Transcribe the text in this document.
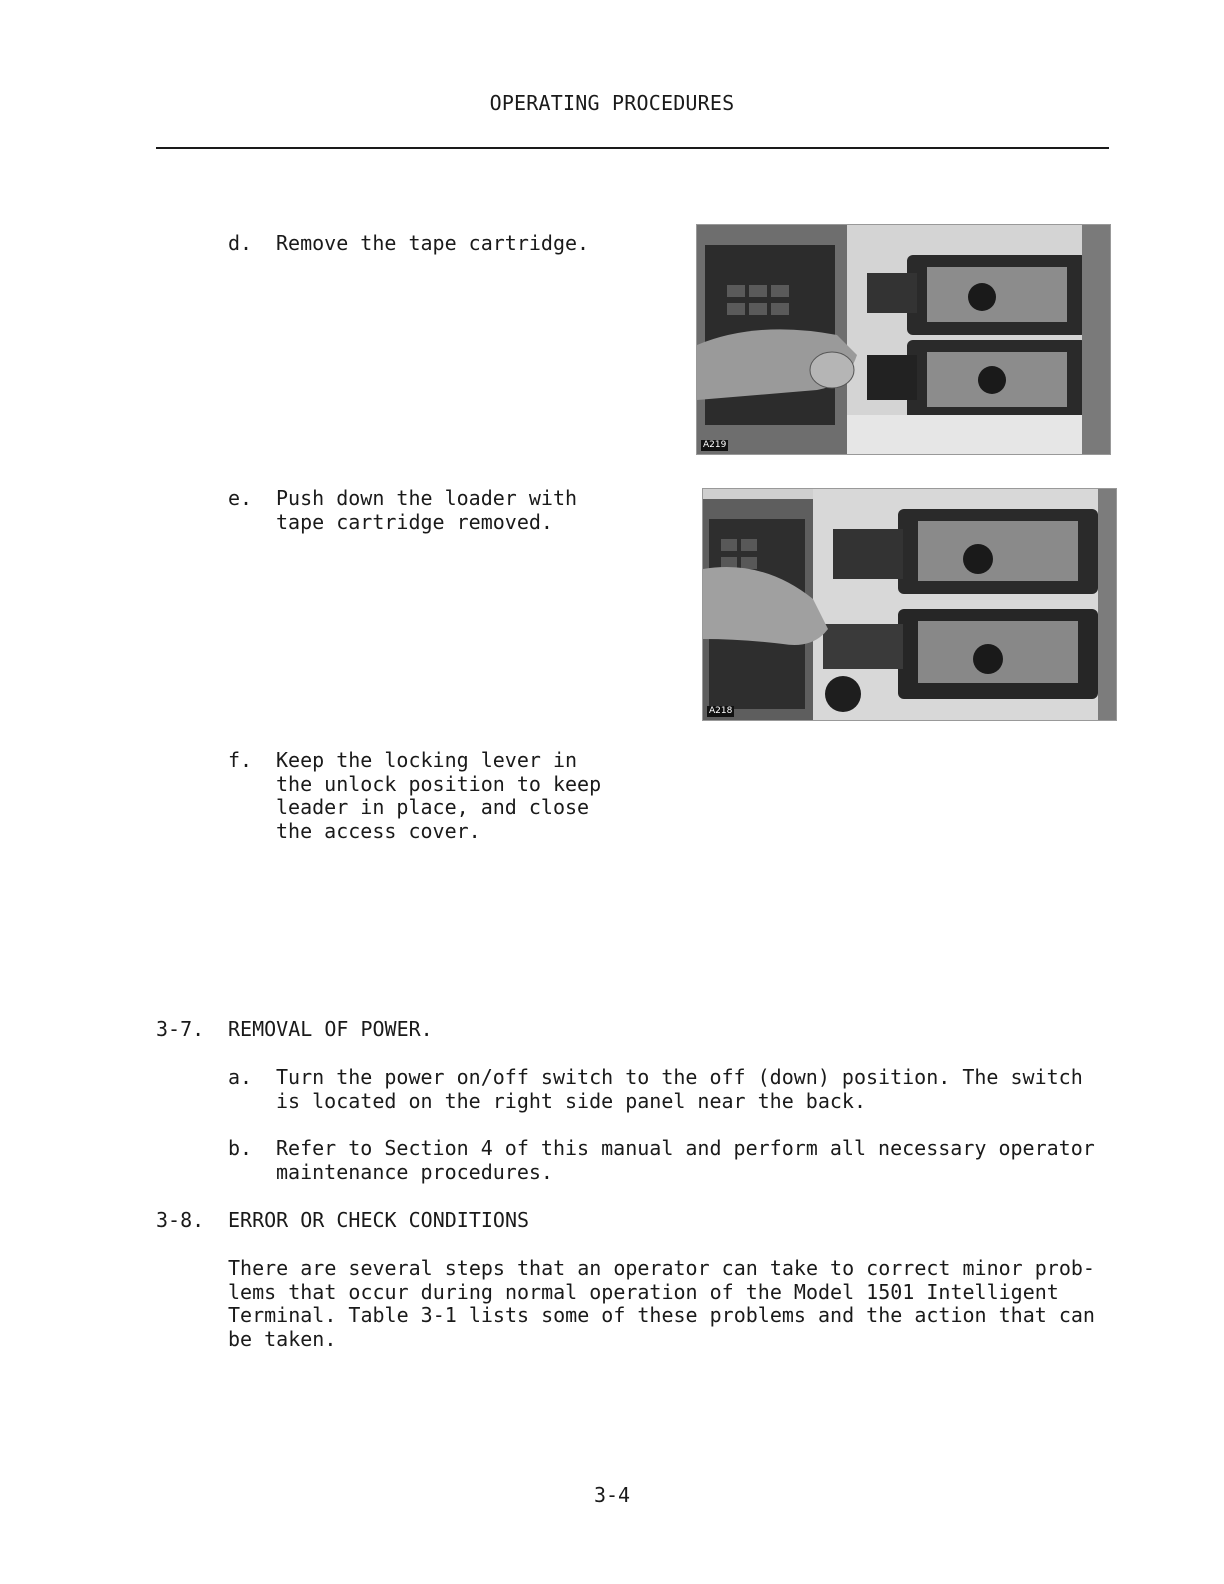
OPERATING PROCEDURES
d.	Remove the tape cartridge.
A219
e.	Push down the loader with
tape cartridge removed.
A218
f.	Keep the locking lever in
the unlock position to keep
leader in place, and close
the access cover.
3-7. REMOVAL OF POWER.
a.	Turn the power on/off switch to the off (down) position. The switch
is located on the right side panel near the back.
b.	Refer to Section 4 of this manual and perform all necessary operator
maintenance procedures.
3-8. ERROR OR CHECK CONDITIONS
There are several steps that an operator can take to correct minor prob-
lems that occur during normal operation of the Model 1501 Intelligent
Terminal. Table 3-1 lists some of these problems and the action that can
be taken.
3-4
